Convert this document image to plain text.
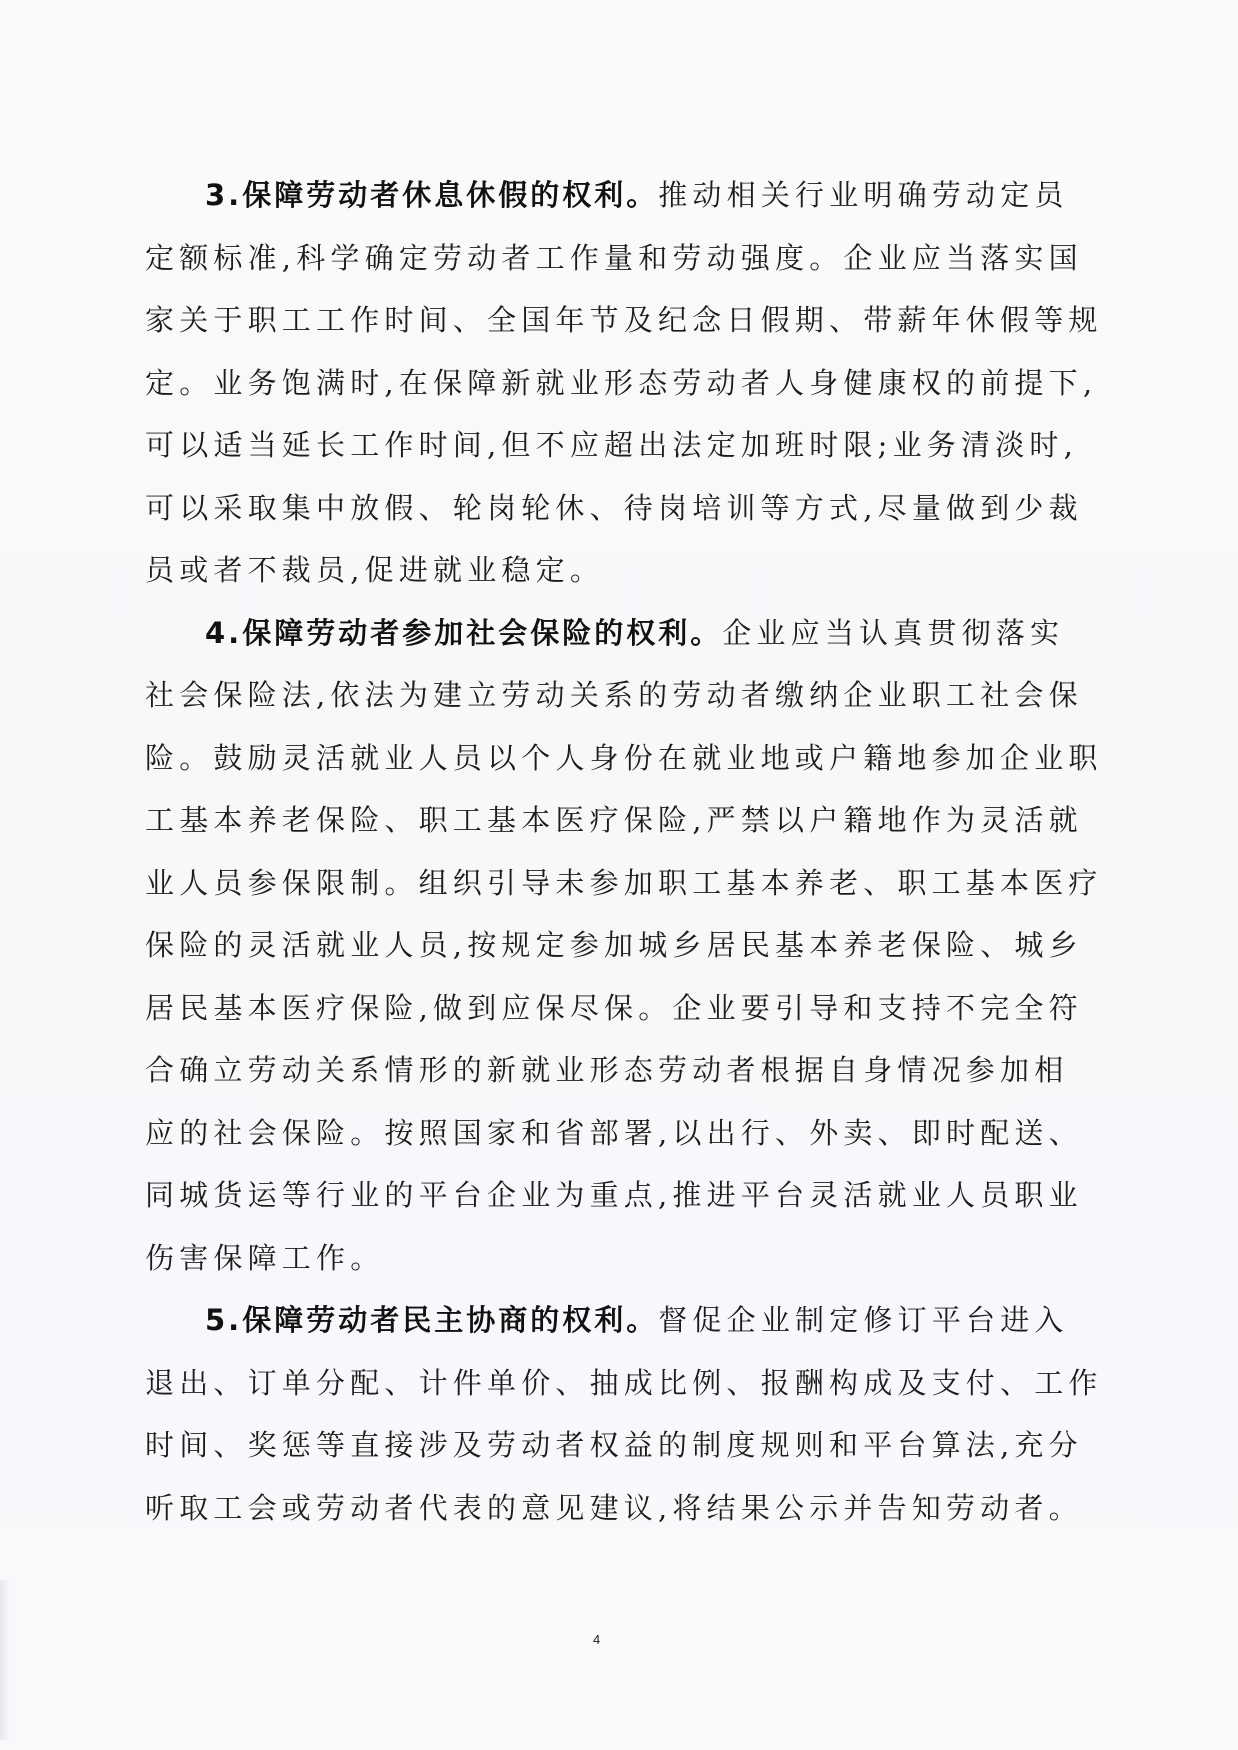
3.保障劳动者休息休假的权利。推动相关行业明确劳动定员
定额标准,科学确定劳动者工作量和劳动强度。企业应当落实国
家关于职工工作时间、全国年节及纪念日假期、带薪年休假等规
定。业务饱满时,在保障新就业形态劳动者人身健康权的前提下,
可以适当延长工作时间,但不应超出法定加班时限;业务清淡时,
可以采取集中放假、轮岗轮休、待岗培训等方式,尽量做到少裁
员或者不裁员,促进就业稳定。
4.保障劳动者参加社会保险的权利。企业应当认真贯彻落实
社会保险法,依法为建立劳动关系的劳动者缴纳企业职工社会保
险。鼓励灵活就业人员以个人身份在就业地或户籍地参加企业职
工基本养老保险、职工基本医疗保险,严禁以户籍地作为灵活就
业人员参保限制。组织引导未参加职工基本养老、职工基本医疗
保险的灵活就业人员,按规定参加城乡居民基本养老保险、城乡
居民基本医疗保险,做到应保尽保。企业要引导和支持不完全符
合确立劳动关系情形的新就业形态劳动者根据自身情况参加相
应的社会保险。按照国家和省部署,以出行、外卖、即时配送、
同城货运等行业的平台企业为重点,推进平台灵活就业人员职业
伤害保障工作。
5.保障劳动者民主协商的权利。督促企业制定修订平台进入
退出、订单分配、计件单价、抽成比例、报酬构成及支付、工作
时间、奖惩等直接涉及劳动者权益的制度规则和平台算法,充分
听取工会或劳动者代表的意见建议,将结果公示并告知劳动者。
4
